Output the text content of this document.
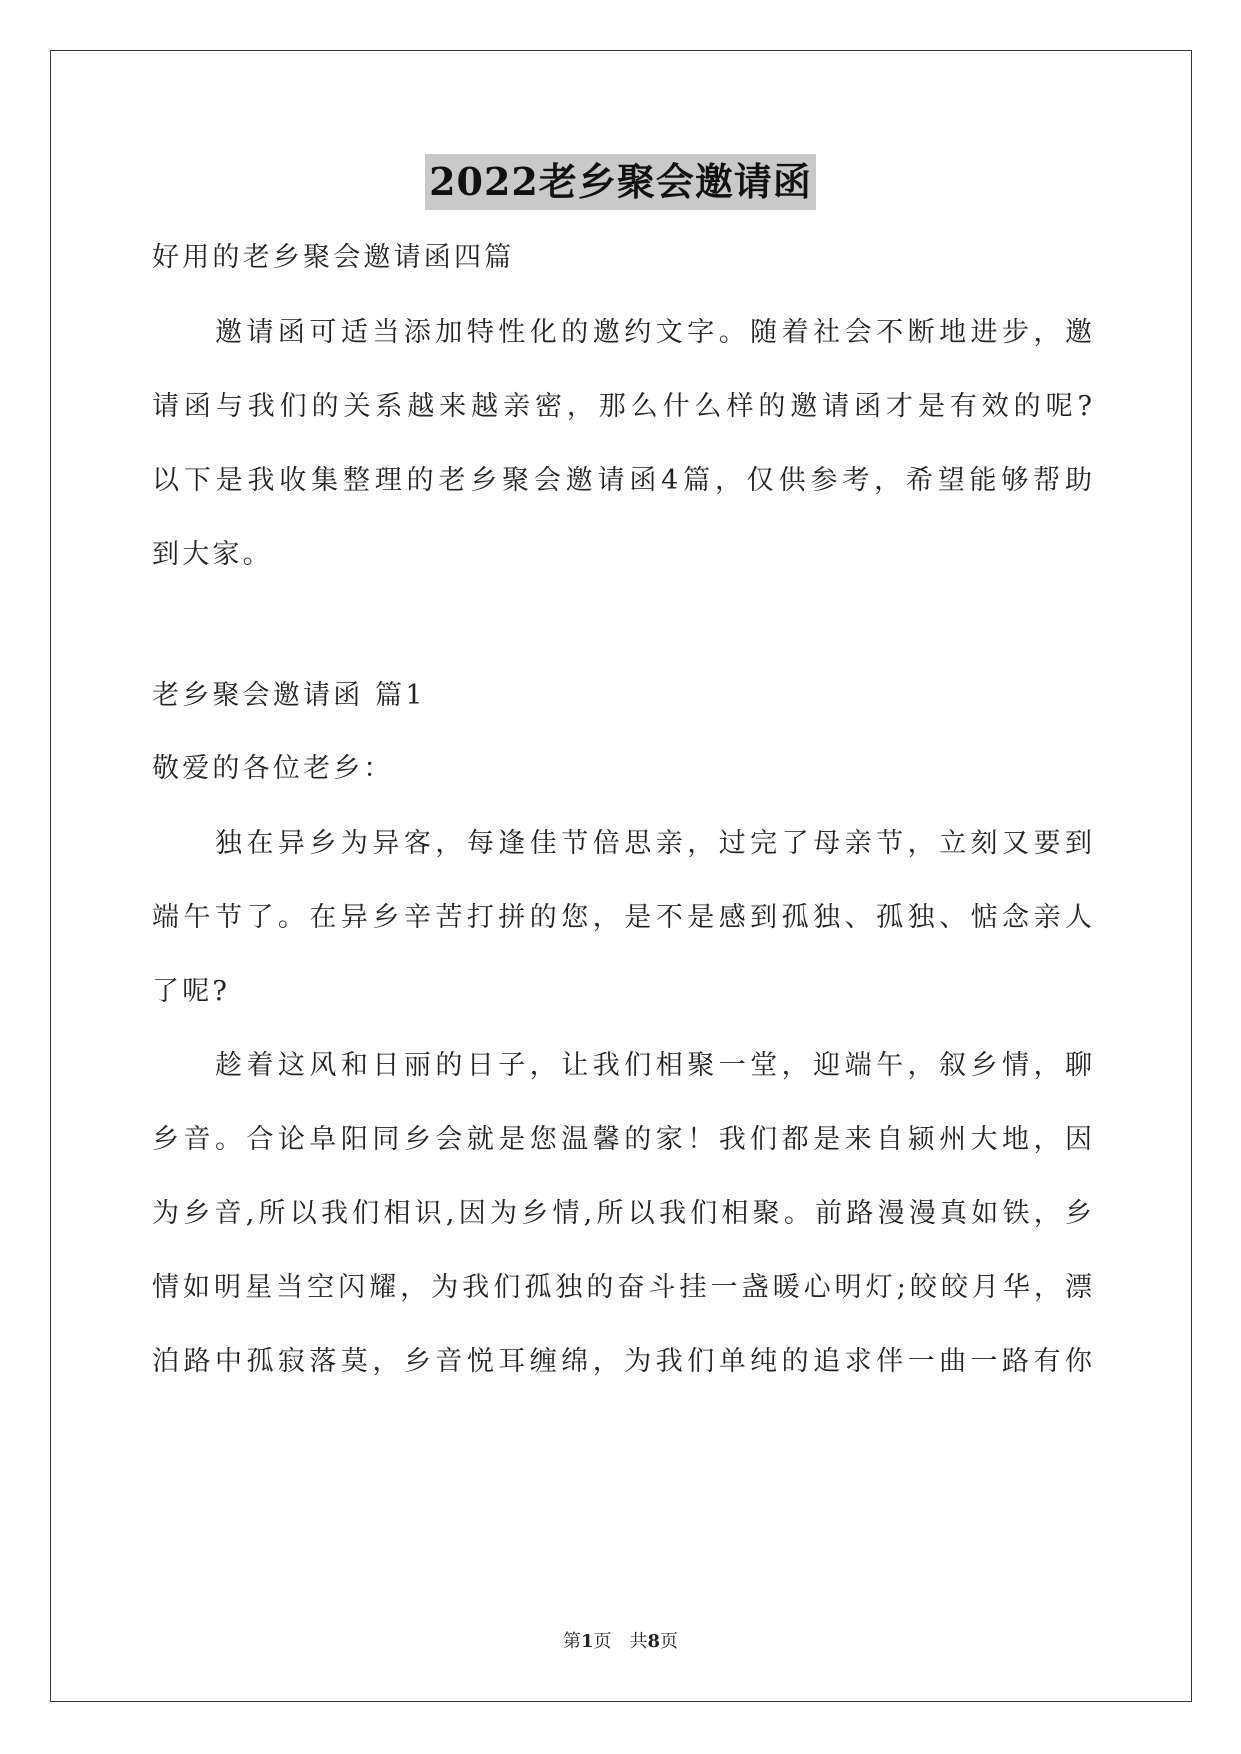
2022老乡聚会邀请函
好用的老乡聚会邀请函四篇
　　邀请函可适当添加特性化的邀约文字。随着社会不断地进步，邀
请函与我们的关系越来越亲密，那么什么样的邀请函才是有效的呢?
以下是我收集整理的老乡聚会邀请函4篇，仅供参考，希望能够帮助
到大家。
老乡聚会邀请函 篇1
敬爱的各位老乡：
　　独在异乡为异客，每逢佳节倍思亲，过完了母亲节，立刻又要到
端午节了。在异乡辛苦打拼的您，是不是感到孤独、孤独、惦念亲人
了呢?
　　趁着这风和日丽的日子，让我们相聚一堂，迎端午，叙乡情，聊
乡音。合论阜阳同乡会就是您温馨的家！我们都是来自颍州大地，因
为乡音,所以我们相识,因为乡情,所以我们相聚。前路漫漫真如铁，乡
情如明星当空闪耀，为我们孤独的奋斗挂一盏暖心明灯;皎皎月华，漂
泊路中孤寂落莫，乡音悦耳缠绵，为我们单纯的追求伴一曲一路有你
第1页　共8页
